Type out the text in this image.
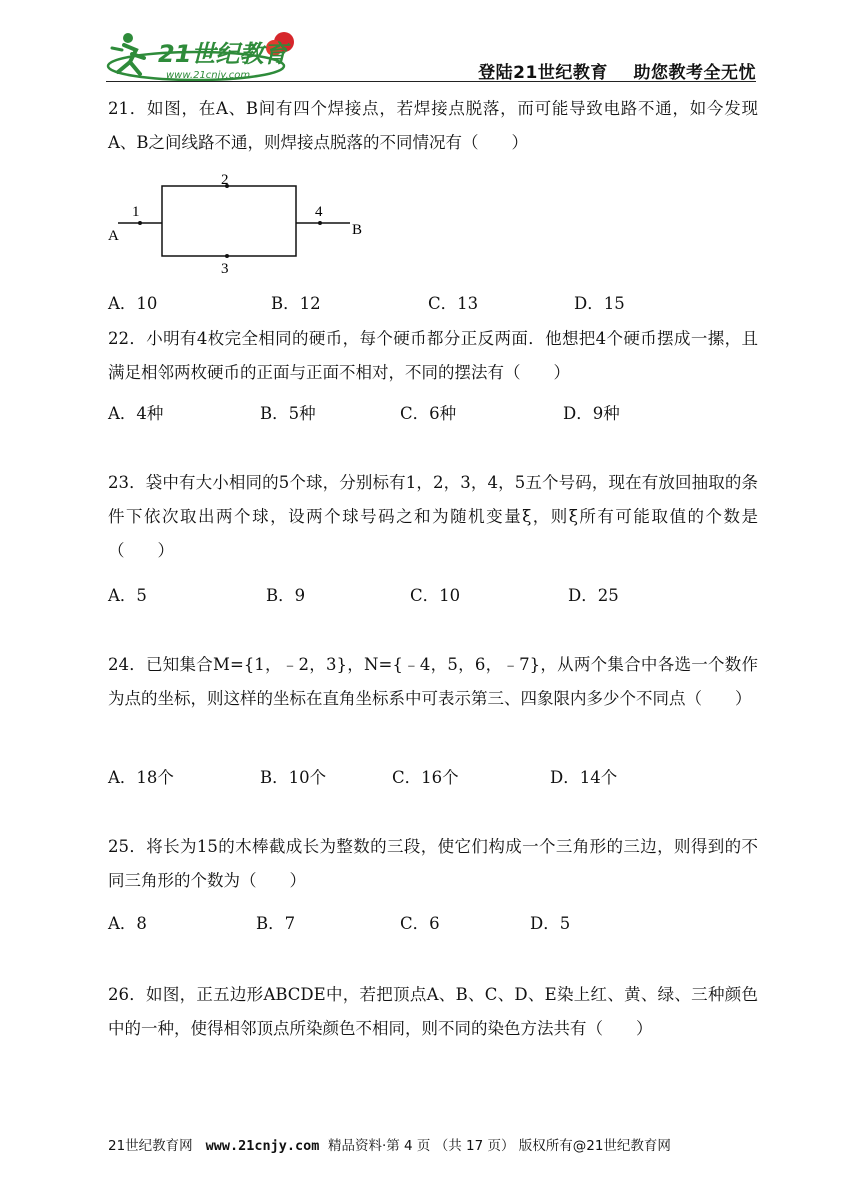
21世纪教育
www.21cnjy.com	登陆21世纪教育    助您教考全无忧

21．如图，在A、B间有四个焊接点，若焊接点脱落，而可能导致电路不通，如今发现A、B之间线路不通，则焊接点脱落的不同情况有（　　）

1
2
3
4
A	B
A．10	B．12	C．13	D．15

22．小明有4枚完全相同的硬币，每个硬币都分正反两面．他想把4个硬币摆成一摞，且满足相邻两枚硬币的正面与正面不相对，不同的摆法有（　　）

A．4种	B．5种	C．6种	D．9种

23．袋中有大小相同的5个球，分别标有1，2，3，4，5五个号码，现在有放回抽取的条件下依次取出两个球，设两个球号码之和为随机变量ξ，则ξ所有可能取值的个数是（　　）

A．5	B．9	C．10	D．25

24．已知集合M={1，﹣2，3}，N={﹣4，5，6，﹣7}，从两个集合中各选一个数作为点的坐标，则这样的坐标在直角坐标系中可表示第三、四象限内多少个不同点（　　）

A．18个	B．10个	C．16个	D．14个

25．将长为15的木棒截成长为整数的三段，使它们构成一个三角形的三边，则得到的不同三角形的个数为（　　）

A．8	B．7	C．6	D．5

26．如图，正五边形ABCDE中，若把顶点A、B、C、D、E染上红、黄、绿、三种颜色中的一种，使得相邻顶点所染颜色不相同，则不同的染色方法共有（　　）

21世纪教育网 www.21cnjy.com 精品资料·第 4 页 （共 17 页） 版权所有@21世纪教育网
